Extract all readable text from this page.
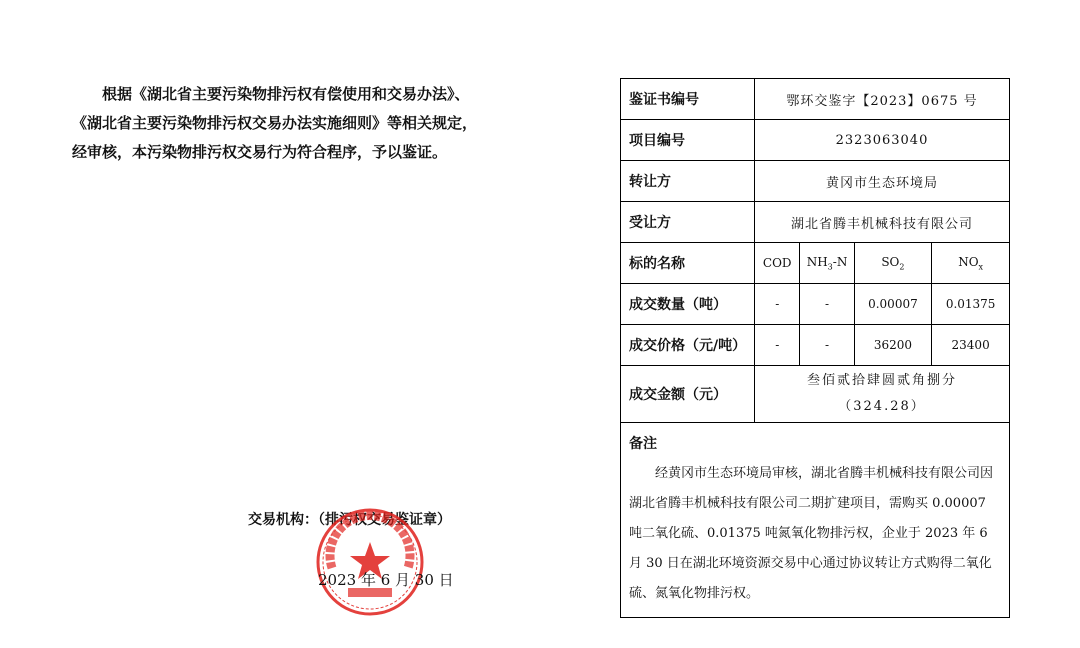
根据《湖北省主要污染物排污权有偿使用和交易办法》、

《湖北省主要污染物排污权交易办法实施细则》等相关规定，

经审核，本污染物排污权交易行为符合程序，予以鉴证。

交易机构：（排污权交易鉴证章）
2023 年 6 月 30 日
鉴证书编号	鄂环交鉴字【2023】0675 号			
项目编号	2323063040			
转让方	黄冈市生态环境局			
受让方	湖北省腾丰机械科技有限公司			
标的名称	COD	$NH_3-N$	$SO_2$	$NO_x$
成交数量（吨）	-	-	0.00007	0.01375
成交价格（元/吨）	-	-	36200	23400
成交金额（元）	叁佰贰拾肆圆贰角捌分
（324.28）			

备注
经黄冈市生态环境局审核，湖北省腾丰机械科技有限公司因湖北省腾丰机械科技有限公司二期扩建项目，需购买 0.00007 吨二氧化硫、0.01375 吨氮氧化物排污权，企业于 2023 年 6 月 30 日在湖北环境资源交易中心通过协议转让方式购得二氧化硫、氮氧化物排污权。				
